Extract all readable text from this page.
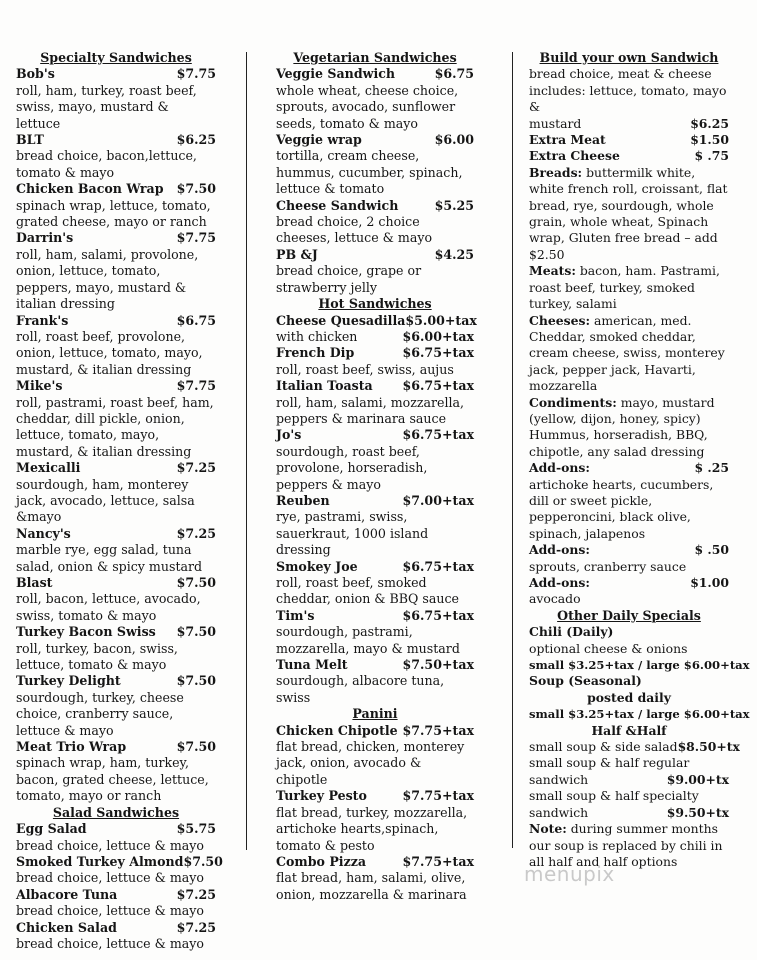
Specialty Sandwiches
Bob's	$7.75
roll, ham, turkey, roast beef, swiss, mayo, mustard & lettuce
BLT	$6.25
bread choice, bacon,lettuce, tomato & mayo
Chicken Bacon Wrap $7.50
spinach wrap, lettuce, tomato, grated cheese, mayo or ranch
Darrin's	$7.75
roll, ham, salami, provolone, onion, lettuce, tomato, peppers, mayo, mustard & italian dressing
Frank's	$6.75
roll, roast beef, provolone, onion, lettuce, tomato, mayo, mustard, & italian dressing
Mike's	$7.75
roll, pastrami, roast beef, ham, cheddar, dill pickle, onion, lettuce, tomato, mayo, mustard, & italian dressing
Mexicalli	$7.25
sourdough, ham, monterey jack, avocado, lettuce, salsa &mayo
Nancy's	$7.25
marble rye, egg salad, tuna salad, onion & spicy mustard
Blast	$7.50
roll, bacon, lettuce, avocado, swiss, tomato & mayo
Turkey Bacon Swiss $7.50
roll, turkey, bacon, swiss, lettuce, tomato & mayo
Turkey Delight	$7.50
sourdough, turkey, cheese choice, cranberry sauce, lettuce & mayo
Meat Trio Wrap	$7.50
spinach wrap, ham, turkey, bacon, grated cheese, lettuce, tomato, mayo or ranch
Salad Sandwiches
Egg Salad	$5.75
bread choice, lettuce & mayo
Smoked Turkey Almond $7.50
bread choice, lettuce & mayo
Albacore Tuna	$7.25
bread choice, lettuce & mayo
Chicken Salad	$7.25
bread choice, lettuce & mayo
Vegetarian Sandwiches
Veggie Sandwich	$6.75
whole wheat, cheese choice, sprouts, avocado, sunflower seeds, tomato & mayo
Veggie wrap	$6.00
tortilla, cream cheese, hummus, cucumber, spinach, lettuce & tomato
Cheese Sandwich	$5.25
bread choice, 2 choice cheeses, lettuce & mayo
PB &J	$4.25
bread choice, grape or strawberry jelly
Hot Sandwiches
Cheese Quesadilla $5.00+tax
with chicken	$6.00+tax
French Dip	$6.75+tax
roll, roast beef, swiss, aujus
Italian Toasta $6.75+tax
roll, ham, salami, mozzarella, peppers & marinara sauce
Jo's	$6.75+tax
sourdough, roast beef, provolone, horseradish, peppers & mayo
Reuben	$7.00+tax
rye, pastrami, swiss, sauerkraut, 1000 island dressing
Smokey Joe	$6.75+tax
roll, roast beef, smoked cheddar, onion & BBQ sauce
Tim's	$6.75+tax
sourdough, pastrami, mozzarella, mayo & mustard
Tuna Melt	$7.50+tax
sourdough, albacore tuna, swiss
Panini
Chicken Chipotle $7.75+tax
flat bread, chicken, monterey jack, onion, avocado & chipotle
Turkey Pesto	$7.75+tax
flat bread, turkey, mozzarella, artichoke hearts,spinach, tomato & pesto
Combo Pizza	$7.75+tax
flat bread, ham, salami, olive, onion, mozzarella & marinara
Build your own Sandwich
bread choice, meat & cheese includes: lettuce, tomato, mayo &
mustard	$6.25
Extra Meat	$1.50
Extra Cheese	$ .75
Breads: buttermilk white, white french roll, croissant, flat bread, rye, sourdough, whole grain, whole wheat, Spinach wrap, Gluten free bread – add $2.50
Meats: bacon, ham. Pastrami, roast beef, turkey, smoked turkey, salami
Cheeses: american, med. Cheddar, smoked cheddar, cream cheese, swiss, monterey jack, pepper jack, Havarti, mozzarella
Condiments: mayo, mustard (yellow, dijon, honey, spicy) Hummus, horseradish, BBQ, chipotle, any salad dressing
Add-ons:	$ .25
artichoke hearts, cucumbers, dill or sweet pickle, pepperoncini, black olive, spinach, jalapenos
Add-ons:	$ .50
sprouts, cranberry sauce
Add-ons:	$1.00
avocado
Other Daily Specials
Chili (Daily)
optional cheese & onions
small $3.25+tax / large $6.00+tax
Soup (Seasonal)
posted daily
small $3.25+tax / large $6.00+tax
Half &Half
small soup & side salad $8.50+tx
small soup & half regular
sandwich	$9.00+tx
small soup & half specialty
sandwich	$9.50+tx
Note: during summer months our soup is replaced by chili in all half and half options
menupix
